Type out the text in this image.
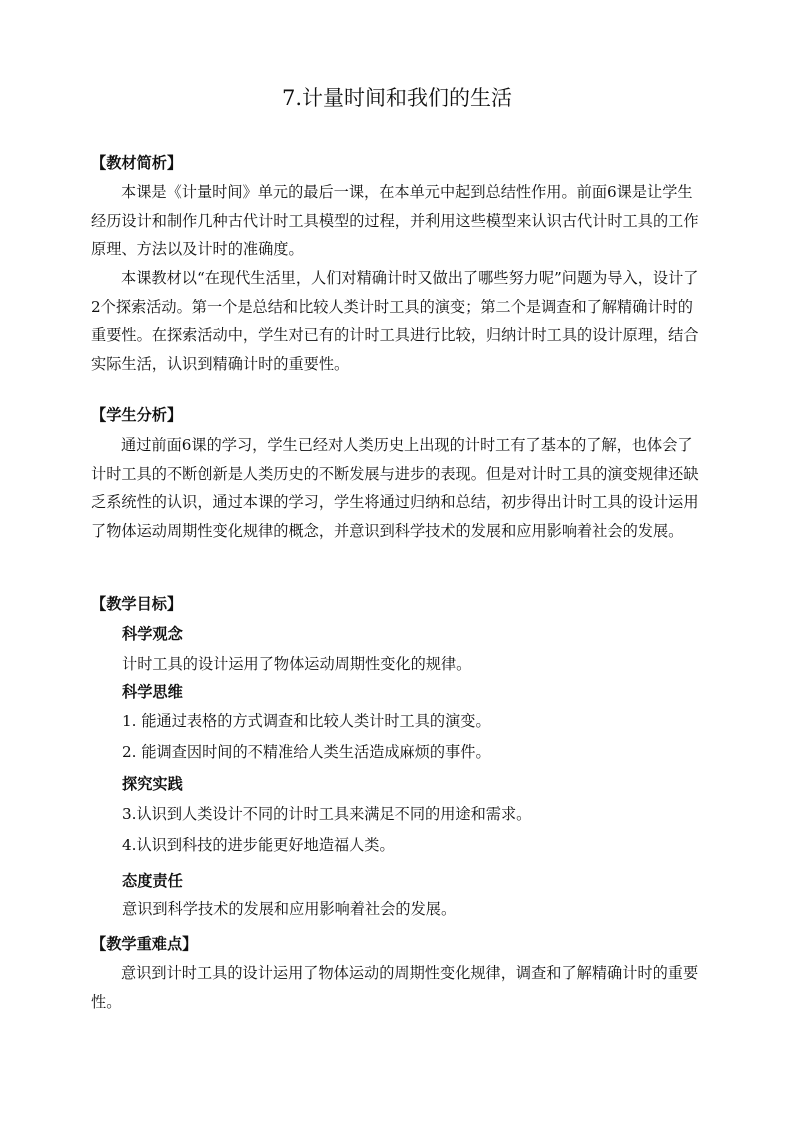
7.计量时间和我们的生活
【教材简析】
本课是《计量时间》单元的最后一课，在本单元中起到总结性作用。前面6课是让学生经历设计和制作几种古代计时工具模型的过程，并利用这些模型来认识古代计时工具的工作原理、方法以及计时的准确度。
本课教材以“在现代生活里，人们对精确计时又做出了哪些努力呢”问题为导入，设计了2个探索活动。第一个是总结和比较人类计时工具的演变；第二个是调查和了解精确计时的重要性。在探索活动中，学生对已有的计时工具进行比较，归纳计时工具的设计原理，结合实际生活，认识到精确计时的重要性。
【学生分析】
通过前面6课的学习，学生已经对人类历史上出现的计时工有了基本的了解，也体会了计时工具的不断创新是人类历史的不断发展与进步的表现。但是对计时工具的演变规律还缺乏系统性的认识，通过本课的学习，学生将通过归纳和总结，初步得出计时工具的设计运用了物体运动周期性变化规律的概念，并意识到科学技术的发展和应用影响着社会的发展。
【教学目标】
科学观念
计时工具的设计运用了物体运动周期性变化的规律。
科学思维
1. 能通过表格的方式调查和比较人类计时工具的演变。
2. 能调查因时间的不精准给人类生活造成麻烦的事件。
探究实践
3.认识到人类设计不同的计时工具来满足不同的用途和需求。
4.认识到科技的进步能更好地造福人类。
态度责任
意识到科学技术的发展和应用影响着社会的发展。
【教学重难点】
意识到计时工具的设计运用了物体运动的周期性变化规律，调查和了解精确计时的重要性。
